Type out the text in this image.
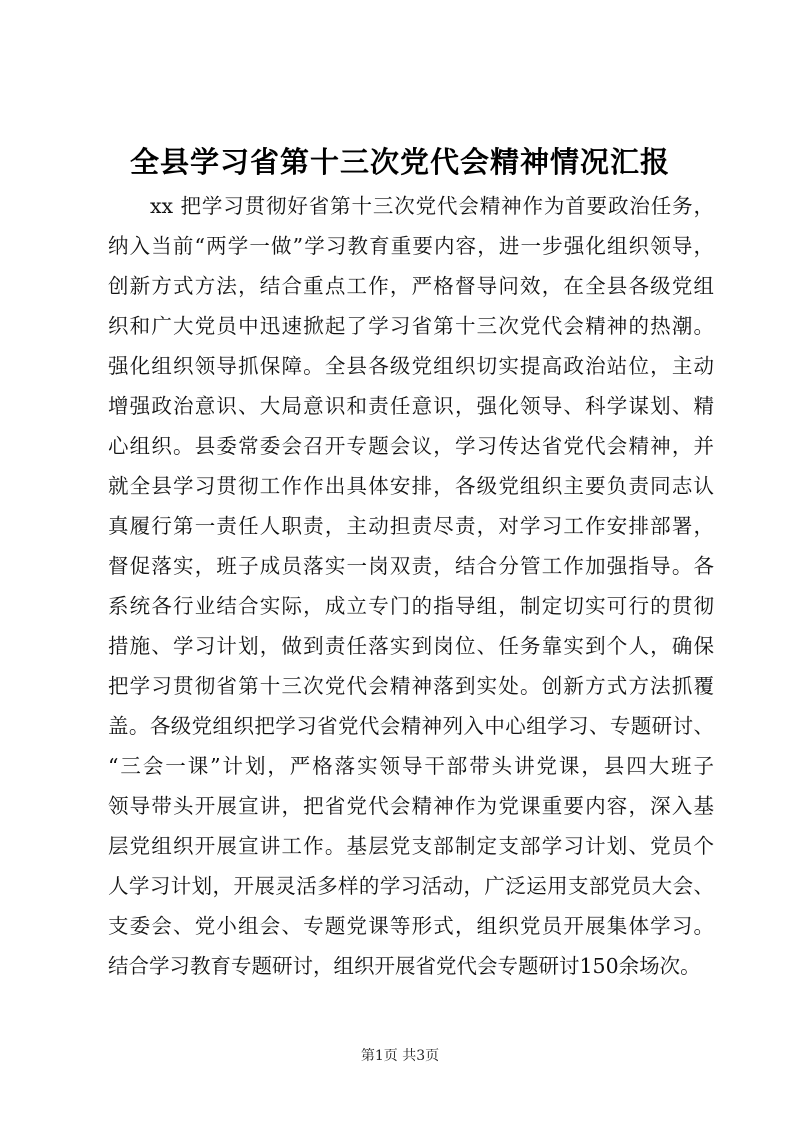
全县学习省第十三次党代会精神情况汇报
xx 把学习贯彻好省第十三次党代会精神作为首要政治任务，
纳入当前“两学一做”学习教育重要内容，进一步强化组织领导，
创新方式方法，结合重点工作，严格督导问效，在全县各级党组
织和广大党员中迅速掀起了学习省第十三次党代会精神的热潮。
强化组织领导抓保障。全县各级党组织切实提高政治站位，主动
增强政治意识、大局意识和责任意识，强化领导、科学谋划、精
心组织。县委常委会召开专题会议，学习传达省党代会精神，并
就全县学习贯彻工作作出具体安排，各级党组织主要负责同志认
真履行第一责任人职责，主动担责尽责，对学习工作安排部署，
督促落实，班子成员落实一岗双责，结合分管工作加强指导。各
系统各行业结合实际，成立专门的指导组，制定切实可行的贯彻
措施、学习计划，做到责任落实到岗位、任务靠实到个人，确保
把学习贯彻省第十三次党代会精神落到实处。创新方式方法抓覆
盖。各级党组织把学习省党代会精神列入中心组学习、专题研讨、
“三会一课”计划，严格落实领导干部带头讲党课，县四大班子
领导带头开展宣讲，把省党代会精神作为党课重要内容，深入基
层党组织开展宣讲工作。基层党支部制定支部学习计划、党员个
人学习计划，开展灵活多样的学习活动，广泛运用支部党员大会、
支委会、党小组会、专题党课等形式，组织党员开展集体学习。
结合学习教育专题研讨，组织开展省党代会专题研讨150余场次。
第1页 共3页
